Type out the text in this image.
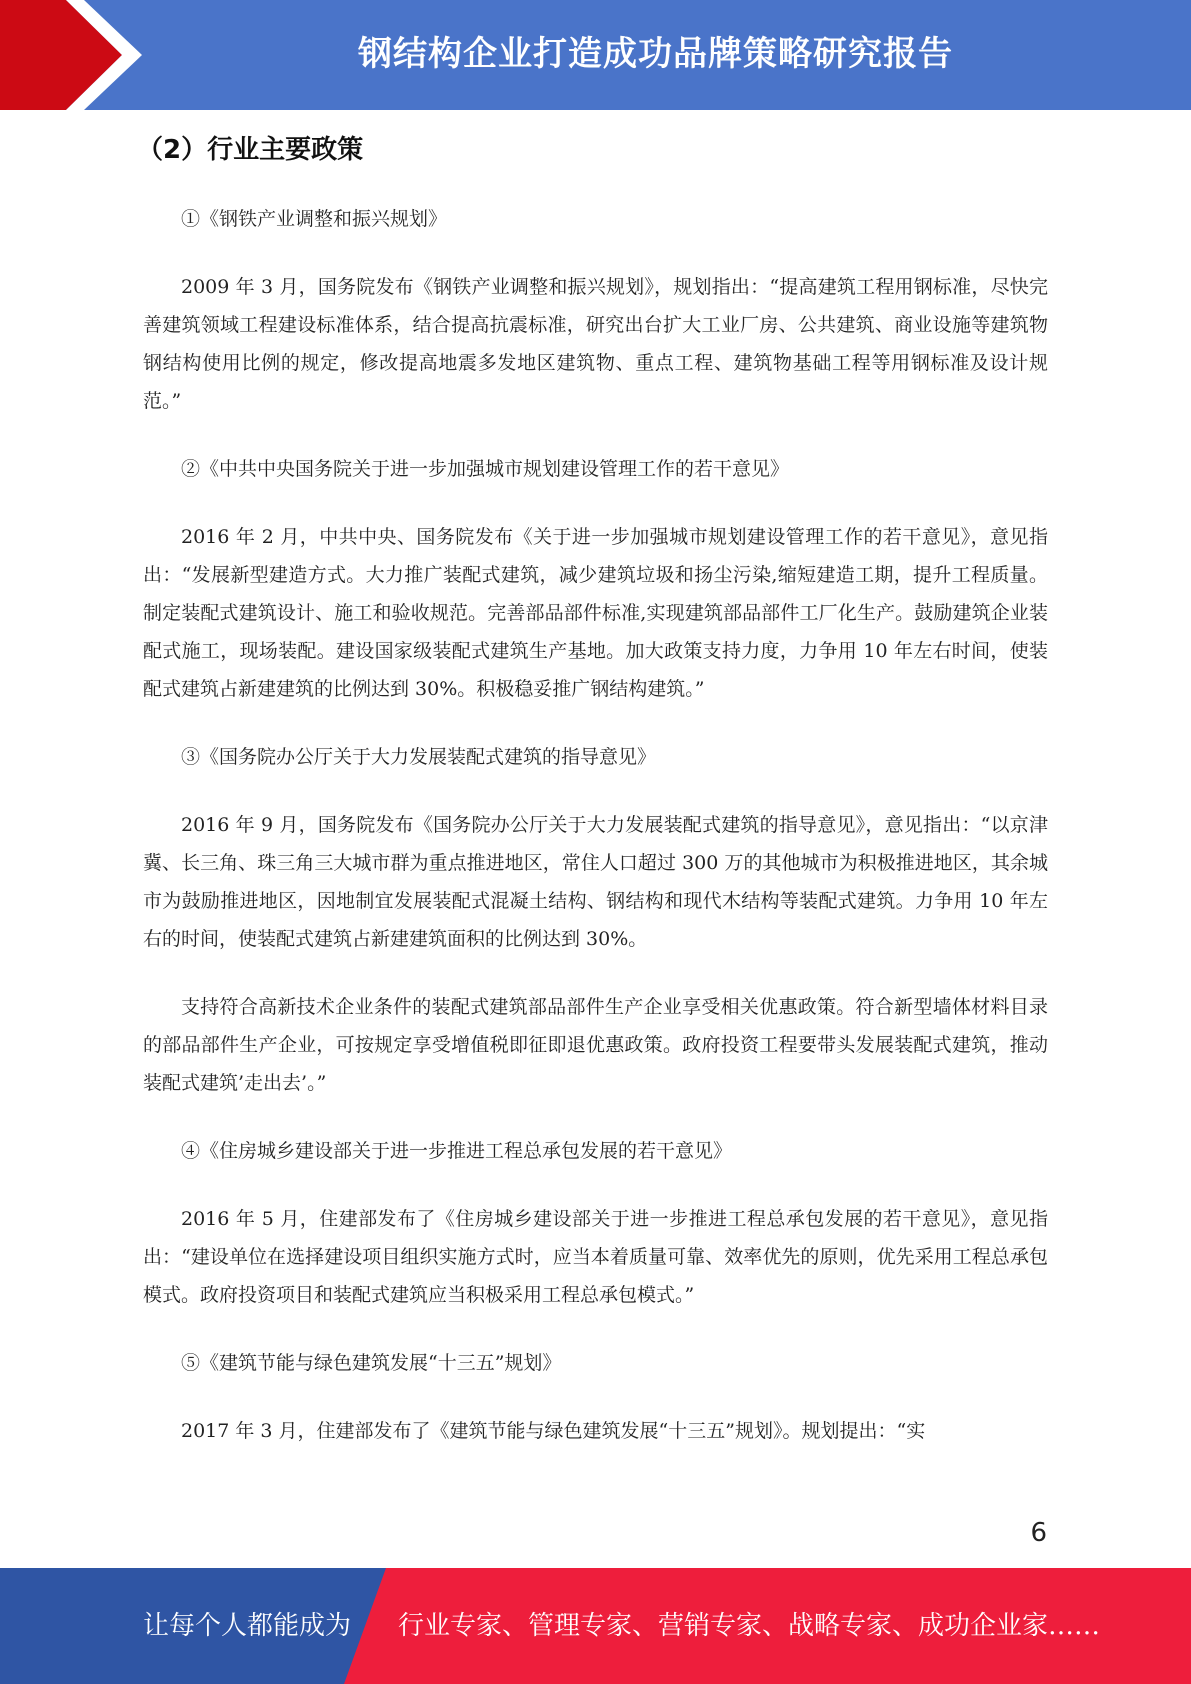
钢结构企业打造成功品牌策略研究报告
（2）行业主要政策

①《钢铁产业调整和振兴规划》

2009 年 3 月，国务院发布《钢铁产业调整和振兴规划》，规划指出：“提高建筑工程用钢标准，尽快完善建筑领域工程建设标准体系，结合提高抗震标准，研究出台扩大工业厂房、公共建筑、商业设施等建筑物钢结构使用比例的规定，修改提高地震多发地区建筑物、重点工程、建筑物基础工程等用钢标准及设计规范。”

②《中共中央国务院关于进一步加强城市规划建设管理工作的若干意见》

2016 年 2 月，中共中央、国务院发布《关于进一步加强城市规划建设管理工作的若干意见》，意见指出：“发展新型建造方式。大力推广装配式建筑，减少建筑垃圾和扬尘污染,缩短建造工期，提升工程质量。制定装配式建筑设计、施工和验收规范。完善部品部件标准,实现建筑部品部件工厂化生产。鼓励建筑企业装配式施工，现场装配。建设国家级装配式建筑生产基地。加大政策支持力度，力争用 10 年左右时间，使装配式建筑占新建建筑的比例达到 30%。积极稳妥推广钢结构建筑。”

③《国务院办公厅关于大力发展装配式建筑的指导意见》

2016 年 9 月，国务院发布《国务院办公厅关于大力发展装配式建筑的指导意见》，意见指出：“以京津冀、长三角、珠三角三大城市群为重点推进地区，常住人口超过 300 万的其他城市为积极推进地区，其余城市为鼓励推进地区，因地制宜发展装配式混凝土结构、钢结构和现代木结构等装配式建筑。力争用 10 年左右的时间，使装配式建筑占新建建筑面积的比例达到 30%。

支持符合高新技术企业条件的装配式建筑部品部件生产企业享受相关优惠政策。符合新型墙体材料目录的部品部件生产企业，可按规定享受增值税即征即退优惠政策。政府投资工程要带头发展装配式建筑，推动装配式建筑’走出去’。”

④《住房城乡建设部关于进一步推进工程总承包发展的若干意见》

2016 年 5 月，住建部发布了《住房城乡建设部关于进一步推进工程总承包发展的若干意见》，意见指出：“建设单位在选择建设项目组织实施方式时，应当本着质量可靠、效率优先的原则，优先采用工程总承包模式。政府投资项目和装配式建筑应当积极采用工程总承包模式。”

⑤《建筑节能与绿色建筑发展“十三五”规划》

2017 年 3 月，住建部发布了《建筑节能与绿色建筑发展“十三五”规划》。规划提出：“实

6
让每个人都能成为 行业专家、管理专家、营销专家、战略专家、成功企业家……
